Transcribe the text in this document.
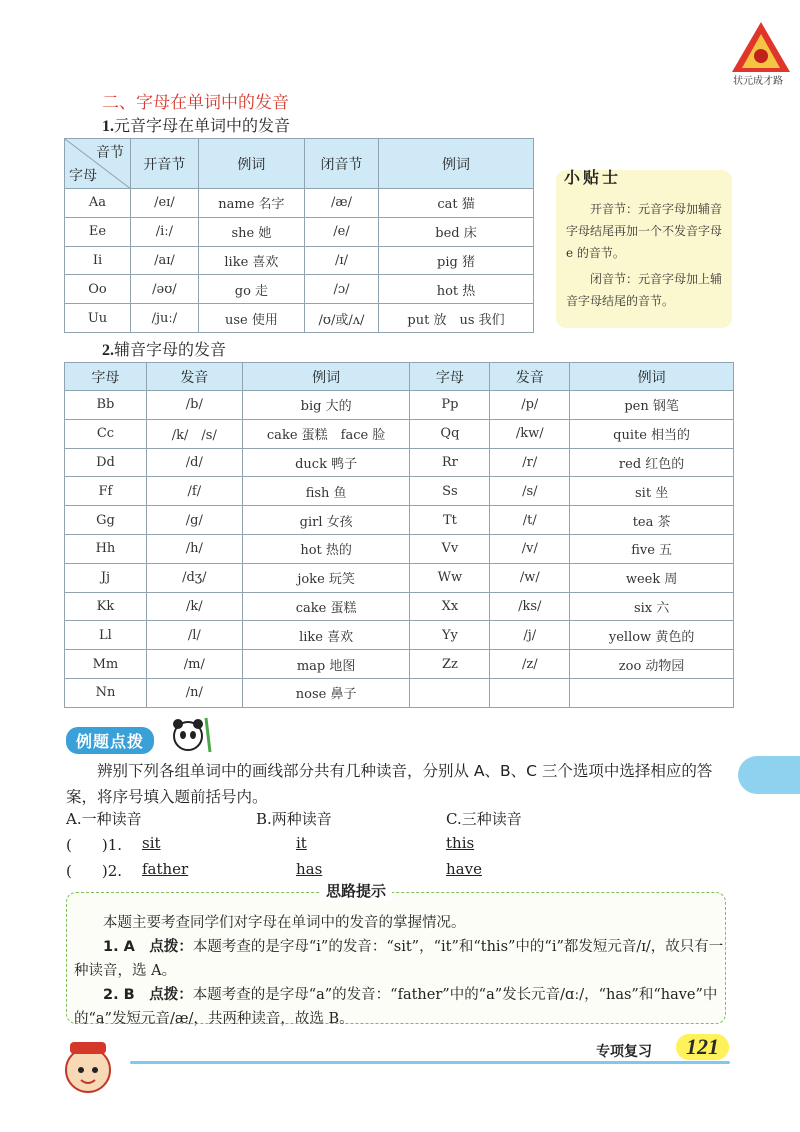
状元成才路
二、字母在单词中的发音
1.元音字母在单词中的发音
音节
字母	开音节	例词	闭音节	例词
Aa	/eɪ/	name 名字	/æ/	cat 猫
Ee	/iː/	she 她	/e/	bed 床
Ii	/aɪ/	like 喜欢	/ɪ/	pig 猪
Oo	/əʊ/	go 走	/ɔ/	hot 热
Uu	/juː/	use 使用	/ʊ/或/ʌ/	put 放　us 我们
小贴士

开音节：元音字母加辅音字母结尾再加一个不发音字母 e 的音节。

闭音节：元音字母加上辅音字母结尾的音节。

2.辅音字母的发音
字母	发音	例词	字母	发音	例词
Bb	/b/	big 大的	Pp	/p/	pen 钢笔
Cc	/k/　/s/	cake 蛋糕　face 脸	Qq	/kw/	quite 相当的
Dd	/d/	duck 鸭子	Rr	/r/	red 红色的
Ff	/f/	fish 鱼	Ss	/s/	sit 坐
Gg	/g/	girl 女孩	Tt	/t/	tea 茶
Hh	/h/	hot 热的	Vv	/v/	five 五
Jj	/dʒ/	joke 玩笑	Ww	/w/	week 周
Kk	/k/	cake 蛋糕	Xx	/ks/	six 六
Ll	/l/	like 喜欢	Yy	/j/	yellow 黄色的
Mm	/m/	map 地图	Zz	/z/	zoo 动物园
Nn	/n/	nose 鼻子			
例题点拨
辨别下列各组单词中的画线部分共有几种读音，分别从 A、B、C 三个选项中选择相应的答案，将序号填入题前括号内。
A.一种读音	B.两种读音	C.三种读音
(　　)1. sit	it	this
(　　)2. father	has	have
思路提示

本题主要考查同学们对字母在单词中的发音的掌握情况。

1. A　点拨：本题考查的是字母“i”的发音：“sit”，“it”和“this”中的“i”都发短元音/ɪ/，故只有一种读音，选 A。

2. B　点拨：本题考查的是字母“a”的发音：“father”中的“a”发长元音/ɑː/，“has”和“have”中的“a”发短元音/æ/，共两种读音，故选 B。

专项复习	121
